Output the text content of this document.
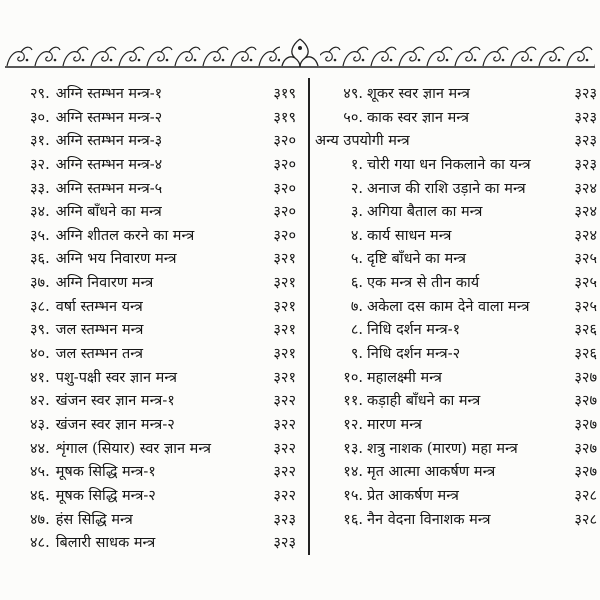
२९. अग्नि स्तम्भन मन्त्र-१	३१९
३०. अग्नि स्तम्भन मन्त्र-२	३१९
३१. अग्नि स्तम्भन मन्त्र-३	३२०
३२. अग्नि स्तम्भन मन्त्र-४	३२०
३३. अग्नि स्तम्भन मन्त्र-५	३२०
३४. अग्नि बाँधने का मन्त्र	३२०
३५. अग्नि शीतल करने का मन्त्र	३२०
३६. अग्नि भय निवारण मन्त्र	३२१
३७. अग्नि निवारण मन्त्र	३२१
३८. वर्षा स्तम्भन यन्त्र	३२१
३९. जल स्तम्भन मन्त्र	३२१
४०. जल स्तम्भन तन्त्र	३२१
४१. पशु-पक्षी स्वर ज्ञान मन्त्र	३२१
४२. खंजन स्वर ज्ञान मन्त्र-१	३२२
४३. खंजन स्वर ज्ञान मन्त्र-२	३२२
४४. शृंगाल (सियार) स्वर ज्ञान मन्त्र	३२२
४५. मूषक सिद्धि मन्त्र-१	३२२
४६. मूषक सिद्धि मन्त्र-२	३२२
४७. हंस सिद्धि मन्त्र	३२३
४८. बिलारी साधक मन्त्र	३२३
४९. शूकर स्वर ज्ञान मन्त्र	३२३
५०. काक स्वर ज्ञान मन्त्र	३२३
अन्य उपयोगी मन्त्र	३२३
१. चोरी गया धन निकलाने का यन्त्र	३२३
२. अनाज की राशि उड़ाने का मन्त्र	३२४
३. अगिया बैताल का मन्त्र	३२४
४. कार्य साधन मन्त्र	३२४
५. दृष्टि बाँधने का मन्त्र	३२५
६. एक मन्त्र से तीन कार्य	३२५
७. अकेला दस काम देने वाला मन्त्र	३२५
८. निधि दर्शन मन्त्र-१	३२६
९. निधि दर्शन मन्त्र-२	३२६
१०. महालक्ष्मी मन्त्र	३२७
११. कड़ाही बाँधने का मन्त्र	३२७
१२. मारण मन्त्र	३२७
१३. शत्रु नाशक (मारण) महा मन्त्र	३२७
१४. मृत आत्मा आकर्षण मन्त्र	३२७
१५. प्रेत आकर्षण मन्त्र	३२८
१६. नैन वेदना विनाशक मन्त्र	३२८
